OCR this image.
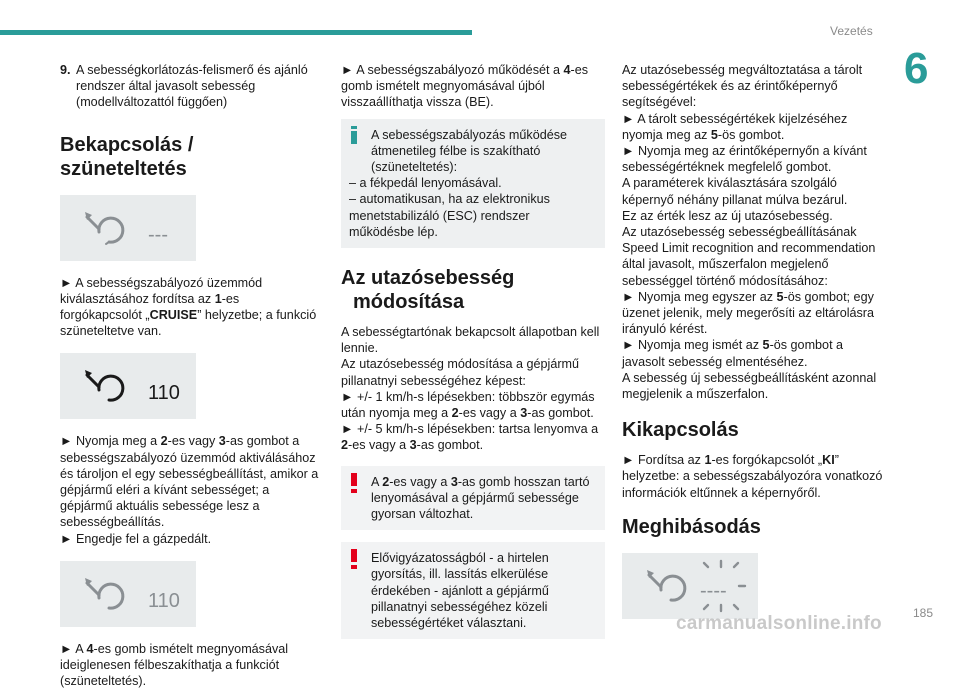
Vezetés
6
9. A sebességkorlátozás-felismerő és ajánló rendszer által javasolt sebesség (modellváltozattól függően)
Bekapcsolás / szüneteltetés
---
► A sebességszabályozó üzemmód kiválasztásához fordítsa az 1-es forgókapcsolót „CRUISE” helyzetbe; a funkció szüneteltetve van.
110
► Nyomja meg a 2-es vagy 3-as gombot a sebességszabályozó üzemmód aktiválásához és tároljon el egy sebességbeállítást, amikor a gépjármű eléri a kívánt sebességet; a gépjármű aktuális sebessége lesz a sebességbeállítás.
► Engedje fel a gázpedált.
110
► A 4-es gomb ismételt megnyomásával ideiglenesen félbeszakíthatja a funkciót (szüneteltetés).
► A sebességszabályozó működését a 4-es gomb ismételt megnyomásával újból visszaállíthatja vissza (BE).
A sebességszabályozás működése átmenetileg félbe is szakítható (szüneteltetés):
– a fékpedál lenyomásával.
– automatikusan, ha az elektronikus menetstabilizáló (ESC) rendszer működésbe lép.
Az utazósebesség
módosítása
A sebességtartónak bekapcsolt állapotban kell lennie.
Az utazósebesség módosítása a gépjármű pillanatnyi sebességéhez képest:
► +/- 1 km/h-s lépésekben: többször egymás után nyomja meg a 2-es vagy a 3-as gombot.
► +/- 5 km/h-s lépésekben: tartsa lenyomva a 2-es vagy a 3-as gombot.
A 2-es vagy a 3-as gomb hosszan tartó lenyomásával a gépjármű sebessége gyorsan változhat.
Elővigyázatosságból - a hirtelen gyorsítás, ill. lassítás elkerülése érdekében - ajánlott a gépjármű pillanatnyi sebességéhez közeli sebességértéket választani.
Az utazósebesség megváltoztatása a tárolt sebességértékek és az érintőképernyő segítségével:
► A tárolt sebességértékek kijelzéséhez nyomja meg az 5-ös gombot.
► Nyomja meg az érintőképernyőn a kívánt sebességértéknek megfelelő gombot.
A paraméterek kiválasztására szolgáló képernyő néhány pillanat múlva bezárul.
Ez az érték lesz az új utazósebesség.
Az utazósebesség sebességbeállításának Speed Limit recognition and recommendation által javasolt, műszerfalon megjelenő sebességgel történő módosításához:
► Nyomja meg egyszer az 5-ös gombot; egy üzenet jelenik, mely megerősíti az eltárolásra irányuló kérést.
► Nyomja meg ismét az 5-ös gombot a javasolt sebesség elmentéséhez.
A sebesség új sebességbeállításként azonnal megjelenik a műszerfalon.
Kikapcsolás
► Fordítsa az 1-es forgókapcsolót „KI” helyzetbe: a sebességszabályozóra vonatkozó információk eltűnnek a képernyőről.
Meghibásodás
----
carmanualsonline.info	185
